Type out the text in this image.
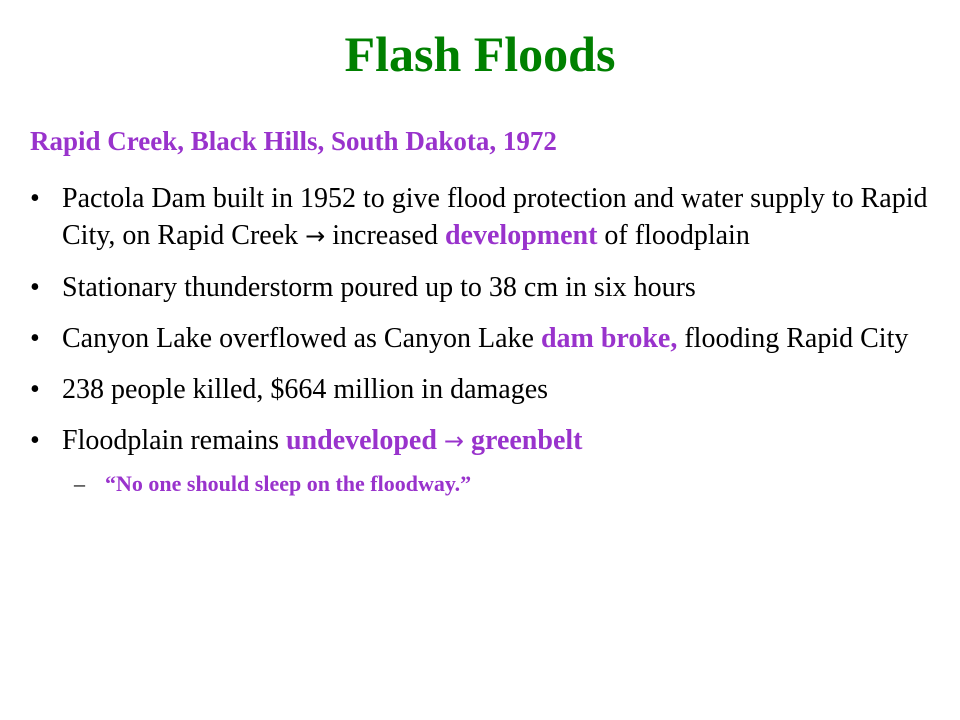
Flash Floods
Rapid Creek, Black Hills, South Dakota, 1972
• Pactola Dam built in 1952 to give flood protection and water supply to Rapid City, on Rapid Creek → increased development of floodplain
• Stationary thunderstorm poured up to 38 cm in six hours
• Canyon Lake overflowed as Canyon Lake dam broke, flooding Rapid City
• 238 people killed, $664 million in damages
• Floodplain remains undeveloped → greenbelt
– “No one should sleep on the floodway.”
